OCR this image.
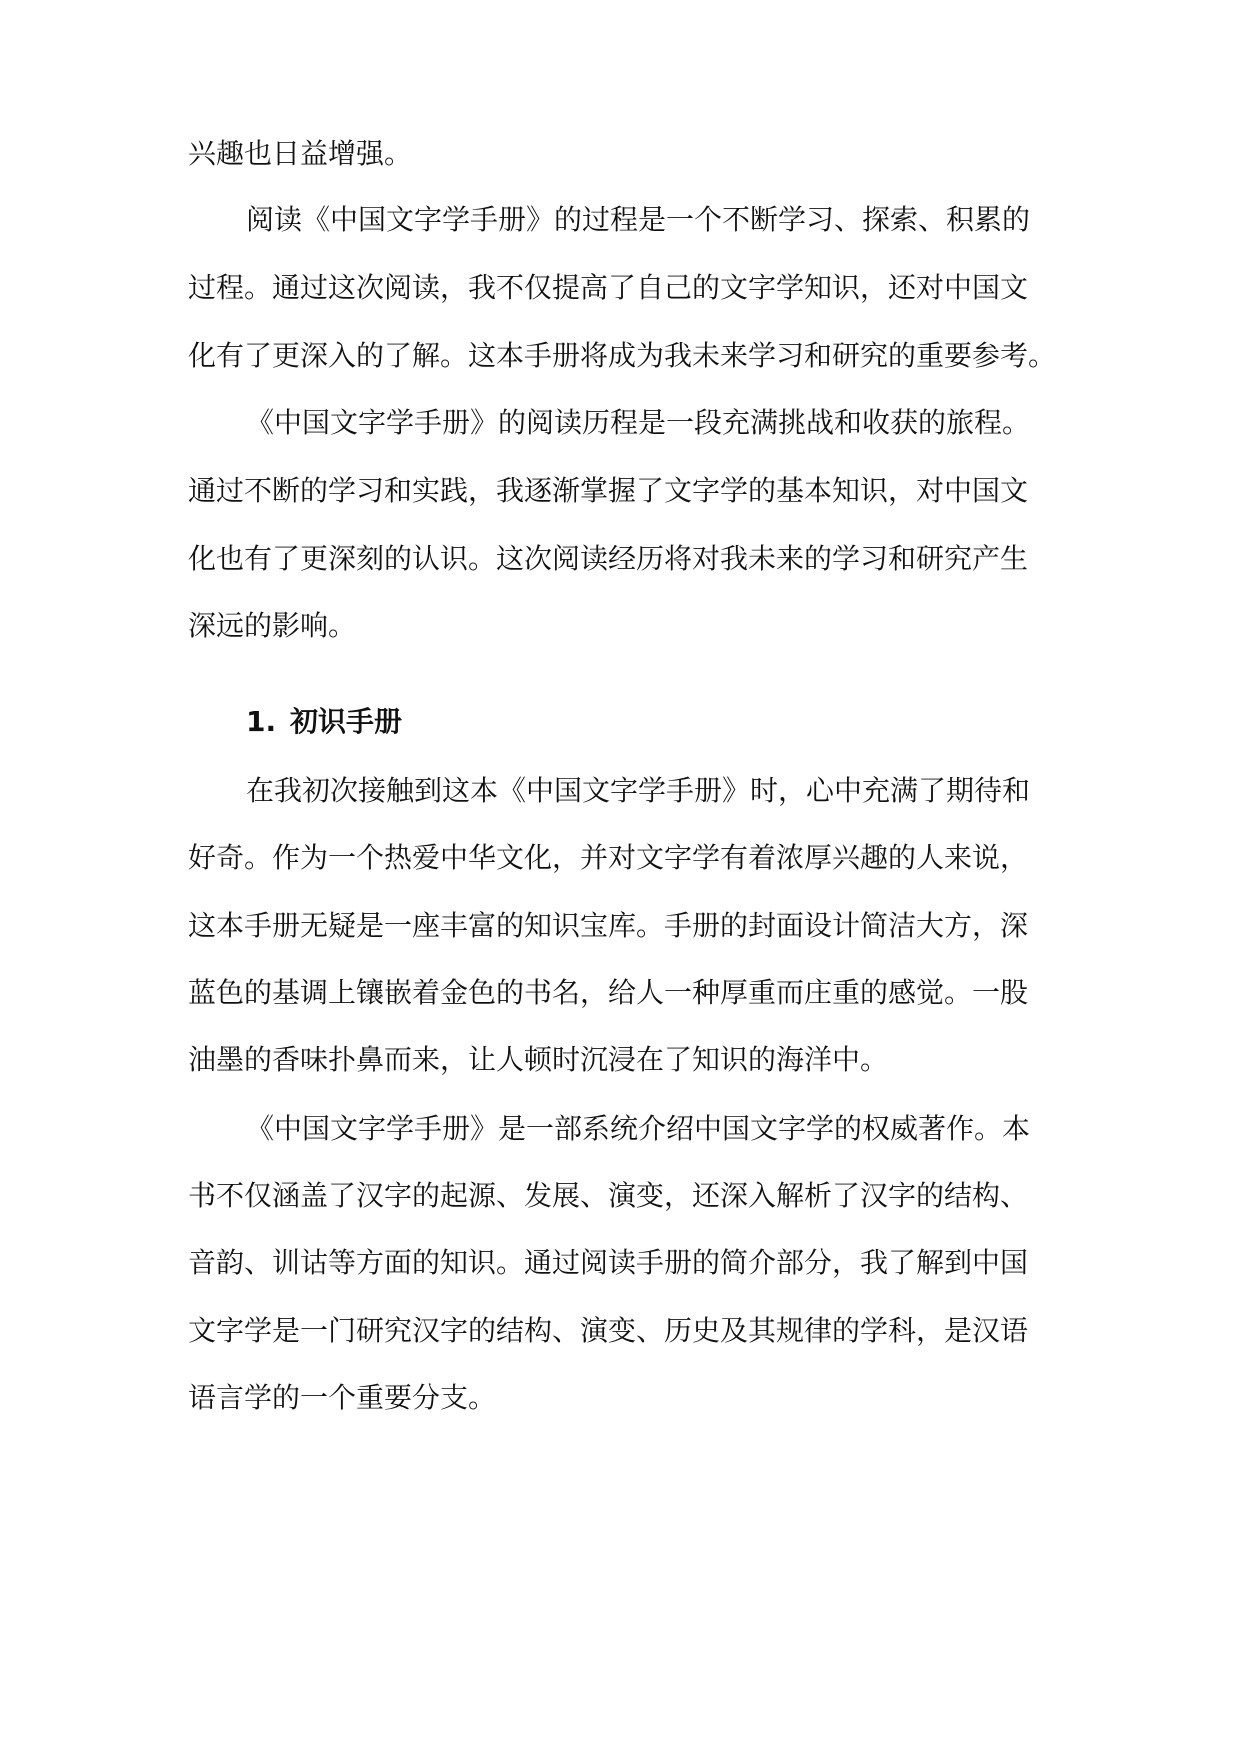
兴趣也日益增强。
阅读《中国文字学手册》的过程是一个不断学习、探索、积累的
过程。通过这次阅读，我不仅提高了自己的文字学知识，还对中国文
化有了更深入的了解。这本手册将成为我未来学习和研究的重要参考。
《中国文字学手册》的阅读历程是一段充满挑战和收获的旅程。
通过不断的学习和实践，我逐渐掌握了文字学的基本知识，对中国文
化也有了更深刻的认识。这次阅读经历将对我未来的学习和研究产生
深远的影响。
1. 初识手册
在我初次接触到这本《中国文字学手册》时，心中充满了期待和
好奇。作为一个热爱中华文化，并对文字学有着浓厚兴趣的人来说，
这本手册无疑是一座丰富的知识宝库。手册的封面设计简洁大方，深
蓝色的基调上镶嵌着金色的书名，给人一种厚重而庄重的感觉。一股
油墨的香味扑鼻而来，让人顿时沉浸在了知识的海洋中。
《中国文字学手册》是一部系统介绍中国文字学的权威著作。本
书不仅涵盖了汉字的起源、发展、演变，还深入解析了汉字的结构、
音韵、训诂等方面的知识。通过阅读手册的简介部分，我了解到中国
文字学是一门研究汉字的结构、演变、历史及其规律的学科，是汉语
语言学的一个重要分支。
